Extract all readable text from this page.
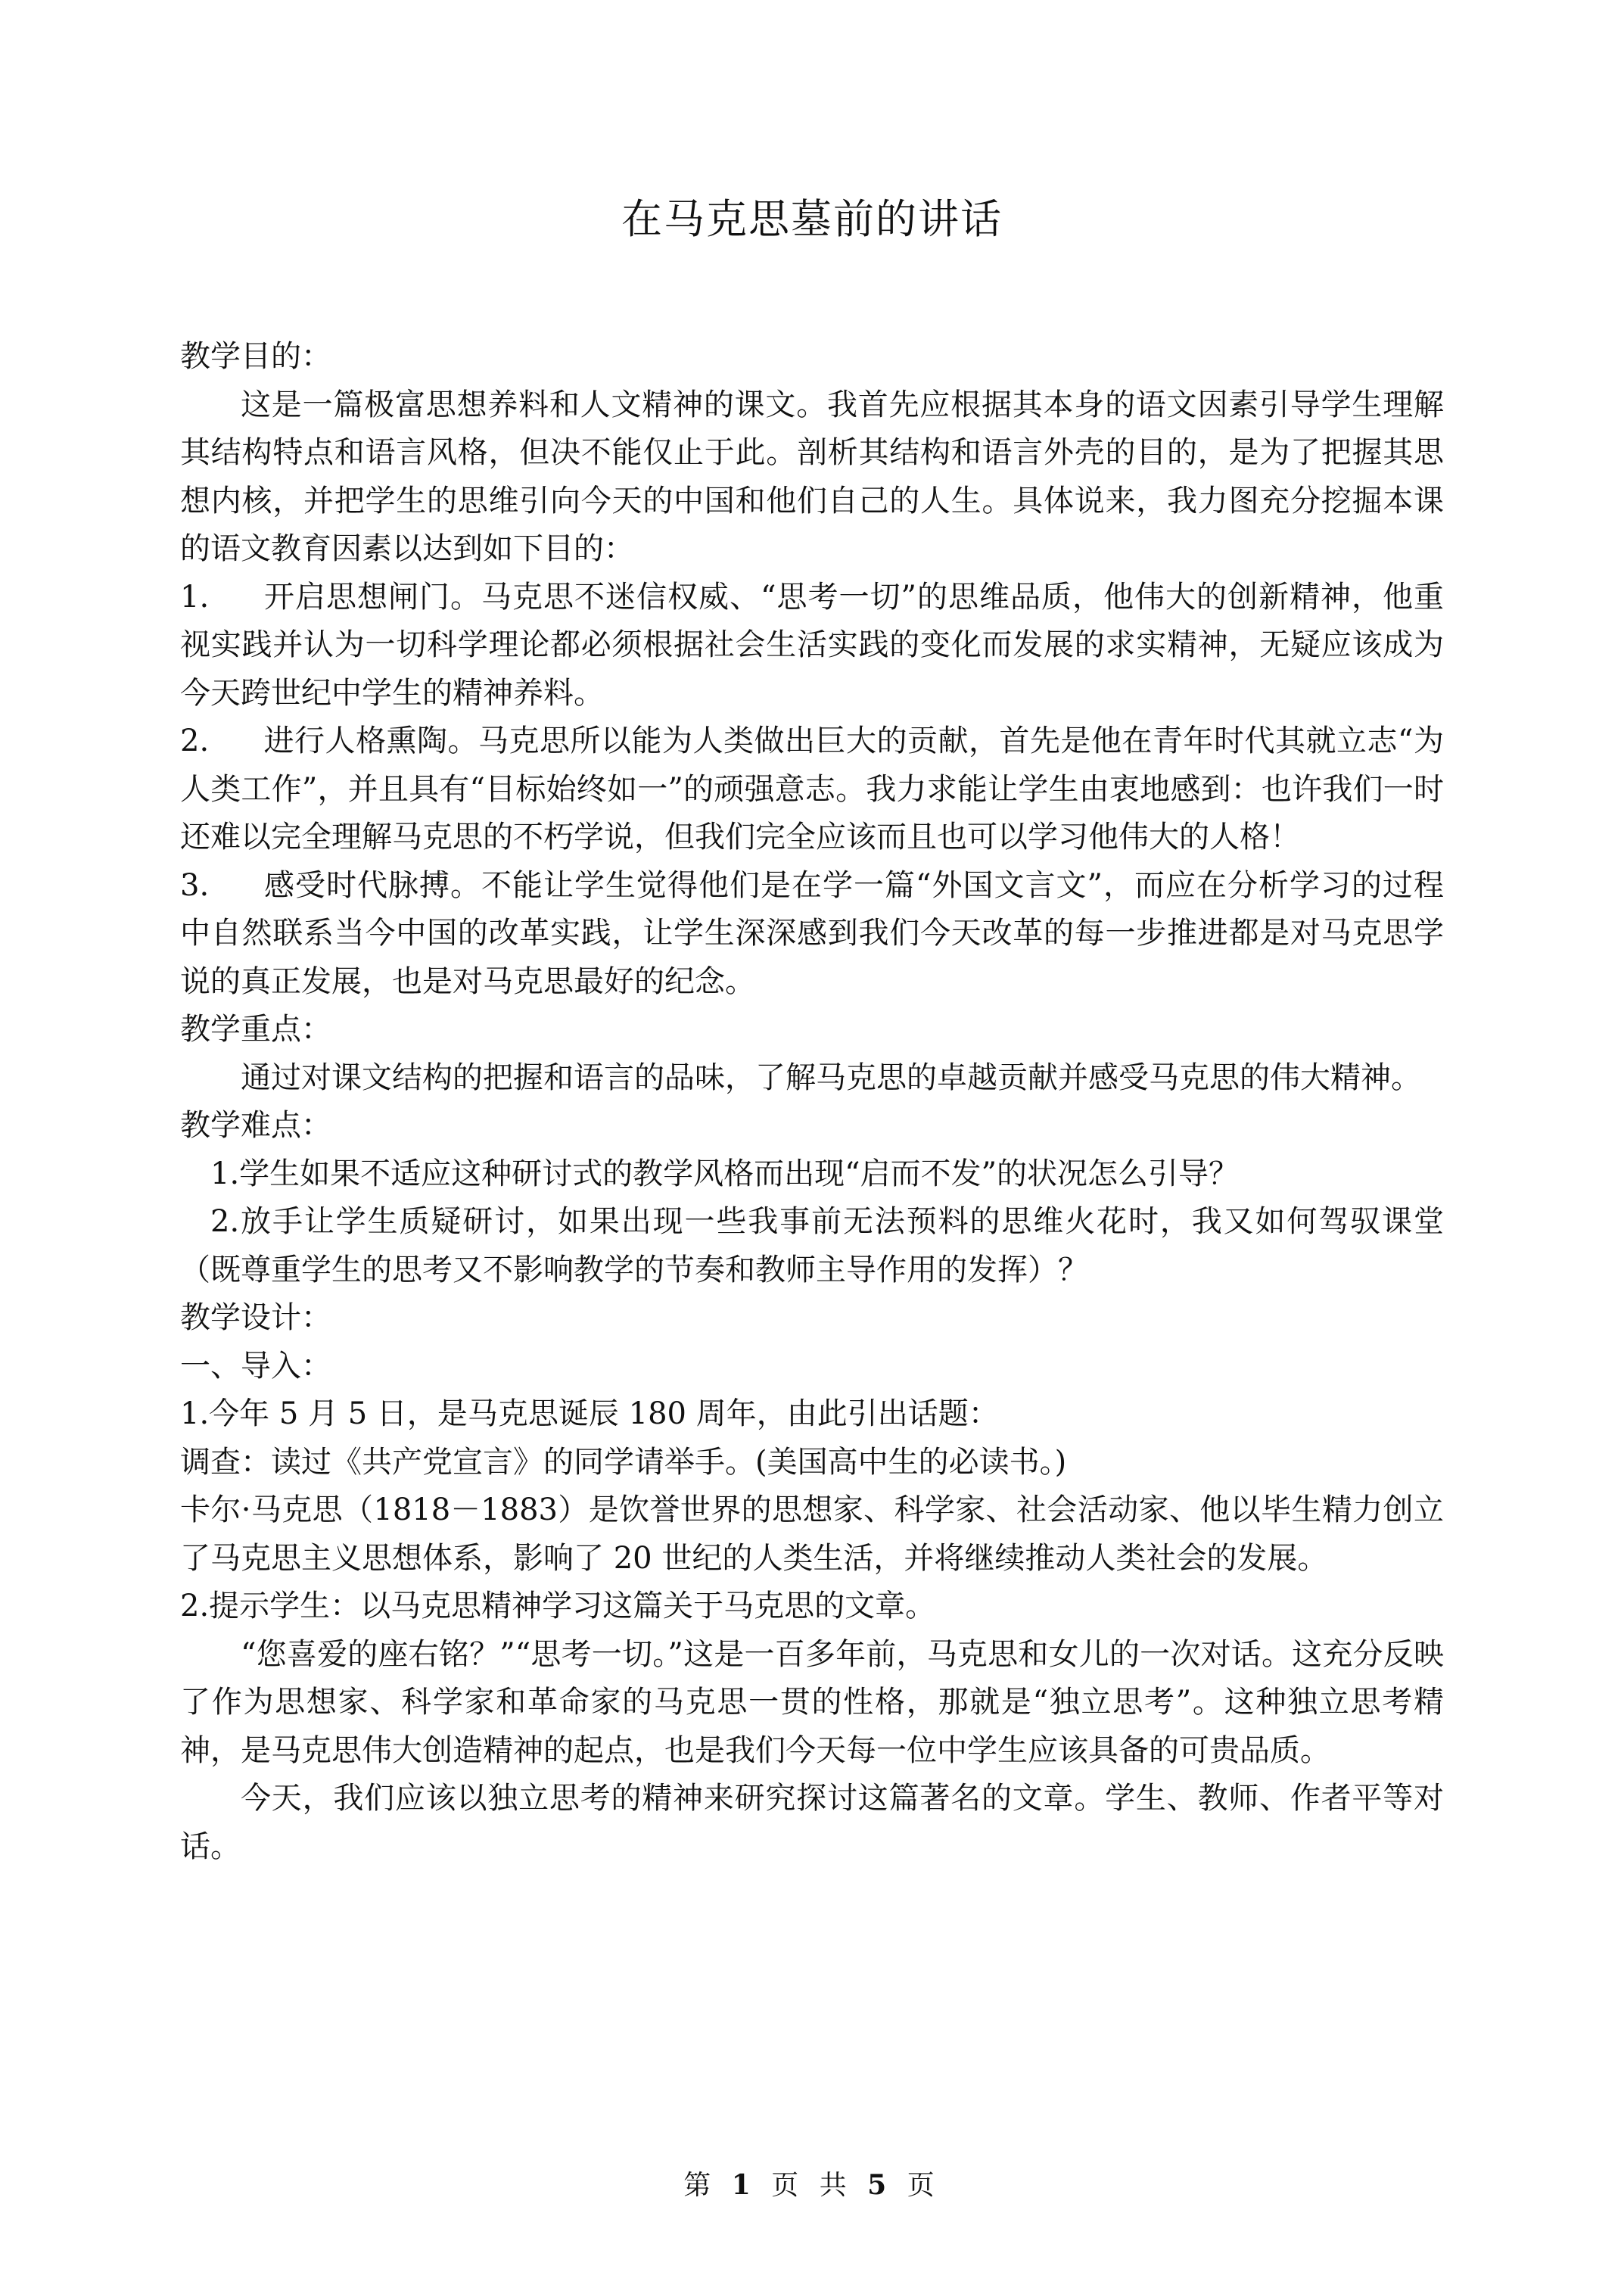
在马克思墓前的讲话

教学目的：

这是一篇极富思想养料和人文精神的课文。我首先应根据其本身的语文因素引导学生理解其结构特点和语言风格，但决不能仅止于此。剖析其结构和语言外壳的目的，是为了把握其思想内核，并把学生的思维引向今天的中国和他们自己的人生。具体说来，我力图充分挖掘本课的语文教育因素以达到如下目的：

1. 开启思想闸门。马克思不迷信权威、“思考一切”的思维品质，他伟大的创新精神，他重视实践并认为一切科学理论都必须根据社会生活实践的变化而发展的求实精神，无疑应该成为今天跨世纪中学生的精神养料。

2. 进行人格熏陶。马克思所以能为人类做出巨大的贡献，首先是他在青年时代其就立志“为人类工作”，并且具有“目标始终如一”的顽强意志。我力求能让学生由衷地感到：也许我们一时还难以完全理解马克思的不朽学说，但我们完全应该而且也可以学习他伟大的人格！

3. 感受时代脉搏。不能让学生觉得他们是在学一篇“外国文言文”，而应在分析学习的过程中自然联系当今中国的改革实践，让学生深深感到我们今天改革的每一步推进都是对马克思学说的真正发展，也是对马克思最好的纪念。

教学重点：

通过对课文结构的把握和语言的品味，了解马克思的卓越贡献并感受马克思的伟大精神。

教学难点：

1.学生如果不适应这种研讨式的教学风格而出现“启而不发”的状况怎么引导？

2.放手让学生质疑研讨，如果出现一些我事前无法预料的思维火花时，我又如何驾驭课堂（既尊重学生的思考又不影响教学的节奏和教师主导作用的发挥）？

教学设计：

一、导入：

1.今年 5 月 5 日，是马克思诞辰 180 周年，由此引出话题：

调查：读过《共产党宣言》的同学请举手。(美国高中生的必读书。)

卡尔·马克思（1818－1883）是饮誉世界的思想家、科学家、社会活动家、他以毕生精力创立了马克思主义思想体系，影响了 20 世纪的人类生活，并将继续推动人类社会的发展。

2.提示学生：以马克思精神学习这篇关于马克思的文章。

“您喜爱的座右铭？”“思考一切。”这是一百多年前，马克思和女儿的一次对话。这充分反映了作为思想家、科学家和革命家的马克思一贯的性格，那就是“独立思考”。这种独立思考精神，是马克思伟大创造精神的起点，也是我们今天每一位中学生应该具备的可贵品质。

今天，我们应该以独立思考的精神来研究探讨这篇著名的文章。学生、教师、作者平等对话。

第 1 页 共 5 页
